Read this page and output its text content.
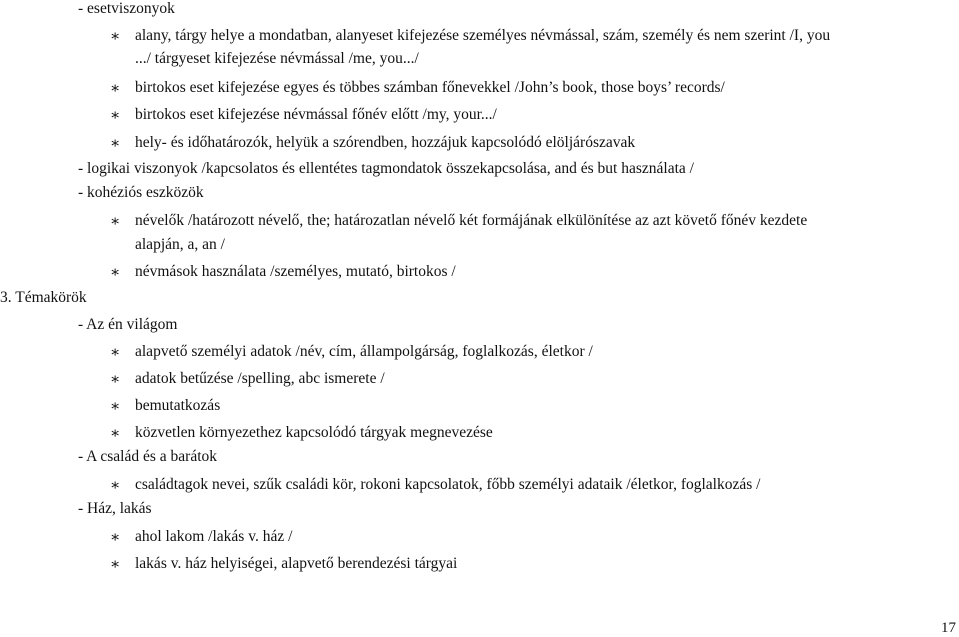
- esetviszonyok
∗ alany, tárgy helye a mondatban, alanyeset kifejezése személyes névmással, szám, személy és nem szerint /I, you
...​/ tárgyeset kifejezése névmással /me, you.../
∗ birtokos eset kifejezése egyes és többes számban főnevekkel /John’s book, those boys’ records/
∗ birtokos eset kifejezése névmással főnév előtt /my, your.../
∗ hely- és időhatározók, helyük a szórendben, hozzájuk kapcsolódó elöljárószavak
- logikai viszonyok /kapcsolatos és ellentétes tagmondatok összekapcsolása, and és but használata /
- kohéziós eszközök
∗ névelők /határozott névelő, the; határozatlan névelő két formájának elkülönítése az azt követő főnév kezdete
alapján, a, an /
∗ névmások használata /személyes, mutató, birtokos /
3. Témakörök
- Az én világom
∗ alapvető személyi adatok /név, cím, állampolgárság, foglalkozás, életkor /
∗ adatok betűzése /spelling, abc ismerete /
∗ bemutatkozás
∗ közvetlen környezethez kapcsolódó tárgyak megnevezése
- A család és a barátok
∗ családtagok nevei, szűk családi kör, rokoni kapcsolatok, főbb személyi adataik /életkor, foglalkozás /
- Ház, lakás
∗ ahol lakom /lakás v. ház /
∗ lakás v. ház helyiségei, alapvető berendezési tárgyai
17
